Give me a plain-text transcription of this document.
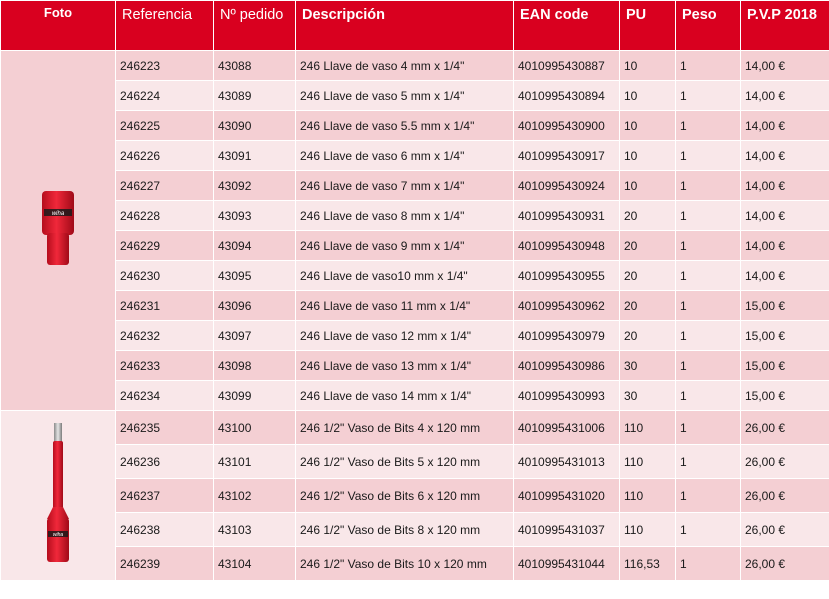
Foto	Referencia	Nº pedido	Descripción	EAN code	PU	Peso	P.V.P 2018

wiha	246223	43088	246 Llave de vaso 4 mm x 1/4"	4010995430887	10	1	14,00 €
	246224	43089	246 Llave de vaso 5 mm x 1/4"	4010995430894	10	1	14,00 €
	246225	43090	246 Llave de vaso 5.5 mm x 1/4"	4010995430900	10	1	14,00 €
	246226	43091	246 Llave de vaso 6 mm x 1/4"	4010995430917	10	1	14,00 €
	246227	43092	246 Llave de vaso 7 mm x 1/4"	4010995430924	10	1	14,00 €
	246228	43093	246 Llave de vaso 8 mm x 1/4"	4010995430931	20	1	14,00 €
	246229	43094	246 Llave de vaso 9 mm x 1/4"	4010995430948	20	1	14,00 €
	246230	43095	246 Llave de vaso10 mm x 1/4"	4010995430955	20	1	14,00 €
	246231	43096	246 Llave de vaso 11 mm x 1/4"	4010995430962	20	1	15,00 €
	246232	43097	246 Llave de vaso 12 mm x 1/4"	4010995430979	20	1	15,00 €
	246233	43098	246 Llave de vaso 13 mm x 1/4"	4010995430986	30	1	15,00 €
	246234	43099	246 Llave de vaso 14 mm x 1/4"	4010995430993	30	1	15,00 €

wiha	246235	43100	246 1/2" Vaso de Bits 4 x 120 mm	4010995431006	110	1	26,00 €
	246236	43101	246 1/2" Vaso de Bits 5 x 120 mm	4010995431013	110	1	26,00 €
	246237	43102	246 1/2" Vaso de Bits 6 x 120 mm	4010995431020	110	1	26,00 €
	246238	43103	246 1/2" Vaso de Bits 8 x 120 mm	4010995431037	110	1	26,00 €
	246239	43104	246 1/2" Vaso de Bits 10 x 120 mm	4010995431044	116,53	1	26,00 €
